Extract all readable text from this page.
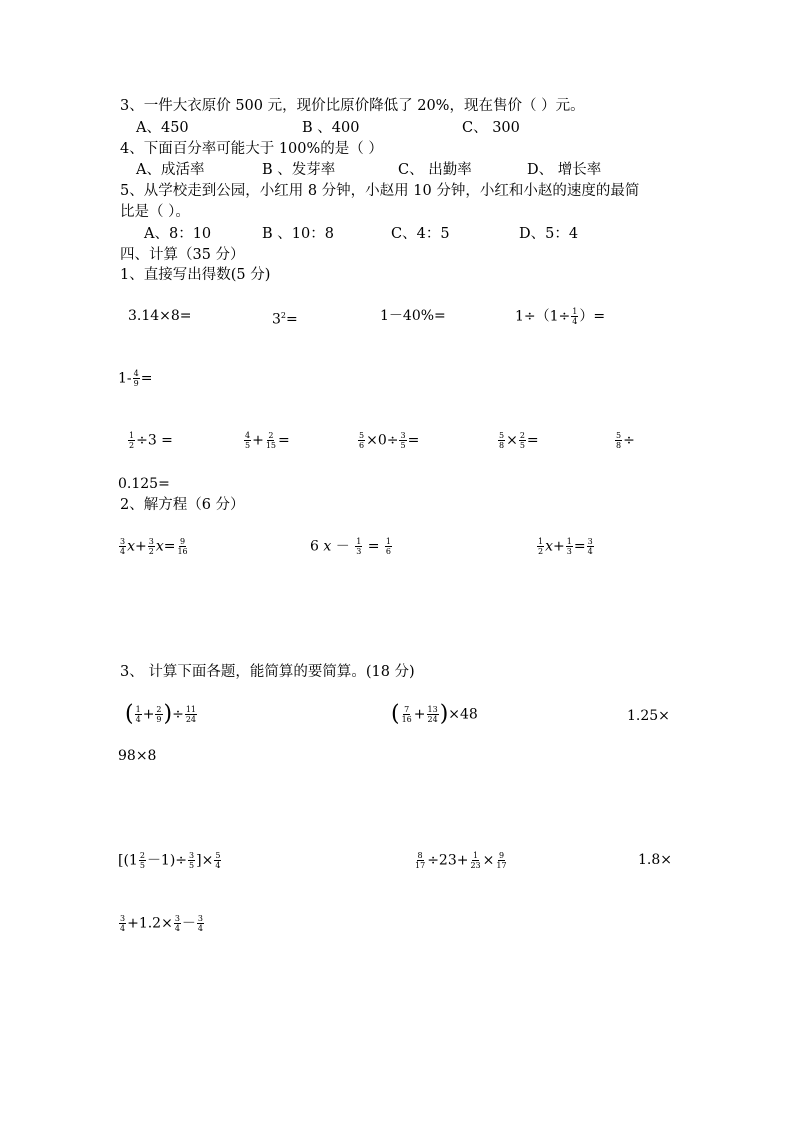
3、一件大衣原价 500 元，现价比原价降低了 20%，现在售价（ ）元。
A、450	B 、400	C、 300
4、下面百分率可能大于 100%的是（ ）
A、成活率	B 、发芽率	C、 出勤率	D、 增长率
5、从学校走到公园，小红用 8 分钟，小赵用 10 分钟，小红和小赵的速度的最简
比是（ ）。
A、8：10	B 、10：8	C、4：5	D、5：4
四、计算（35 分）
1、直接写出得数(5 分)
3.14×8=	$3^2=$	1－40%=	$1\div(1\div \frac{1}{4}$ ）=
$1- \frac{4}{9}$ =
$\frac{1}{2} \div 3$ =	$\frac{4}{5} + \frac{2}{15}$ =	$\frac{5}{6} \times 0\div \frac{3}{5}$ =	$\frac{5}{8} \times \frac{2}{5}$ =	$\frac{5}{8}$ ÷
0.125=
2、解方程（6 分）
$\frac{3}{4} x+ \frac{3}{2} x= \frac{9}{16}$	6 $x - \frac{1}{3} = \frac{1}{6}$	$\frac{1}{2} x+ \frac{1}{3} = \frac{3}{4}$
3、 计算下面各题，能简算的要简算。(18 分)
( $\frac{1}{4} + \frac{2}{9}$ )÷ $\frac{11}{24}$	( $\frac{7}{16} + \frac{13}{24} )\times 48$	1.25×
98×8
[$(1 \frac{2}{5} -1)\div \frac{3}{5}$ ]× $\frac{5}{4}$	$\frac{8}{17} \div 23+ \frac{1}{23} \times \frac{9}{17}$	1.8×
$\frac{3}{4} +1.2\times \frac{3}{4} - \frac{3}{4}$
